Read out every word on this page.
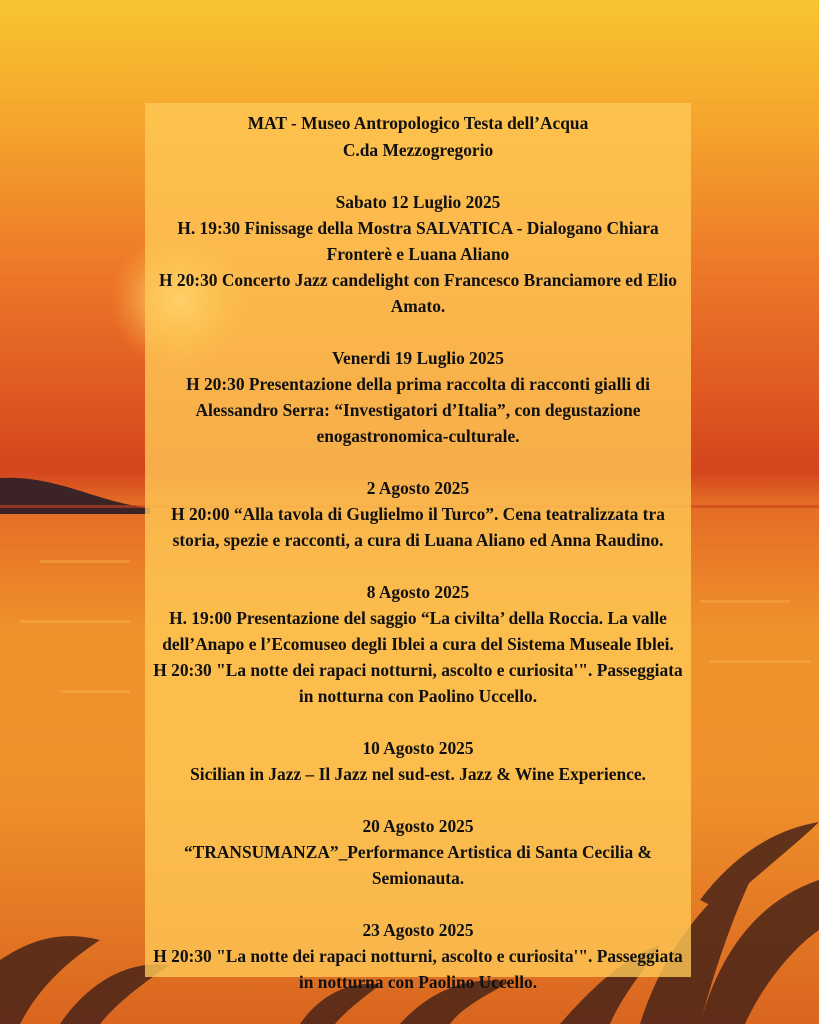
MAT - Museo Antropologico Testa dell’Acqua

C.da Mezzogregorio

Sabato 12 Luglio 2025

H. 19:30 Finissage della Mostra SALVATICA - Dialogano Chiara Fronterè e Luana Aliano

H 20:30 Concerto Jazz candelight con Francesco Branciamore ed Elio Amato.

Venerdi 19 Luglio 2025

H 20:30 Presentazione della prima raccolta di racconti gialli di Alessandro Serra: “Investigatori d’Italia”, con degustazione enogastronomica-culturale.

2 Agosto 2025

H 20:00 “Alla tavola di Guglielmo il Turco”. Cena teatralizzata tra storia, spezie e racconti, a cura di Luana Aliano ed Anna Raudino.

8 Agosto 2025

H. 19:00 Presentazione del saggio “La civilta’ della Roccia. La valle dell’Anapo e l’Ecomuseo degli Iblei a cura del Sistema Museale Iblei.

H 20:30 "La notte dei rapaci notturni, ascolto e curiosita'". Passeggiata in notturna con Paolino Uccello.

10 Agosto 2025

Sicilian in Jazz – Il Jazz nel sud-est. Jazz & Wine Experience.

20 Agosto 2025

“TRANSUMANZA”_Performance Artistica di Santa Cecilia & Semionauta.

23 Agosto 2025

H 20:30 "La notte dei rapaci notturni, ascolto e curiosita'". Passeggiata in notturna con Paolino Uccello.
